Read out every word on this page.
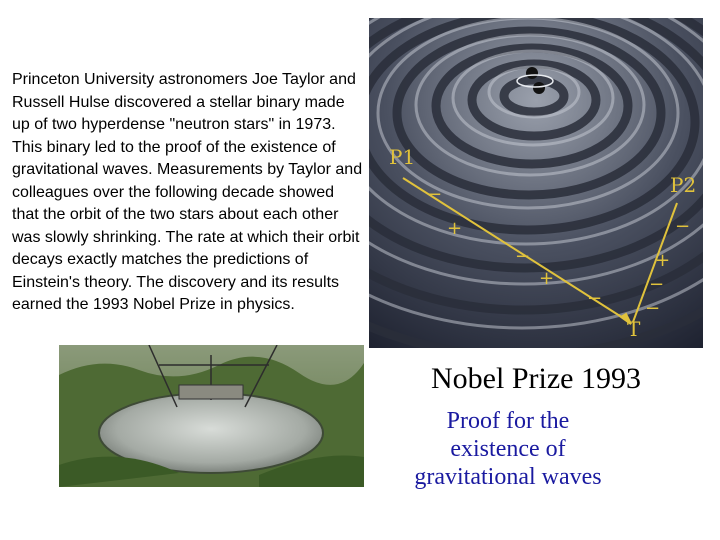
Princeton University astronomers Joe Taylor and Russell Hulse discovered a stellar binary made up of two hyperdense "neutron stars" in 1973. This binary led to the proof of the existence of gravitational waves. Measurements by Taylor and colleagues over the following decade showed that the orbit of the two stars about each other was slowly shrinking. The rate at which their orbit decays exactly matches the predictions of Einstein's theory. The discovery and its results earned the 1993 Nobel Prize in physics.

P1
P2
T
−
+
−
+
−
−
+
−
−

Nobel Prize 1993

Proof for the
existence of
gravitational waves
